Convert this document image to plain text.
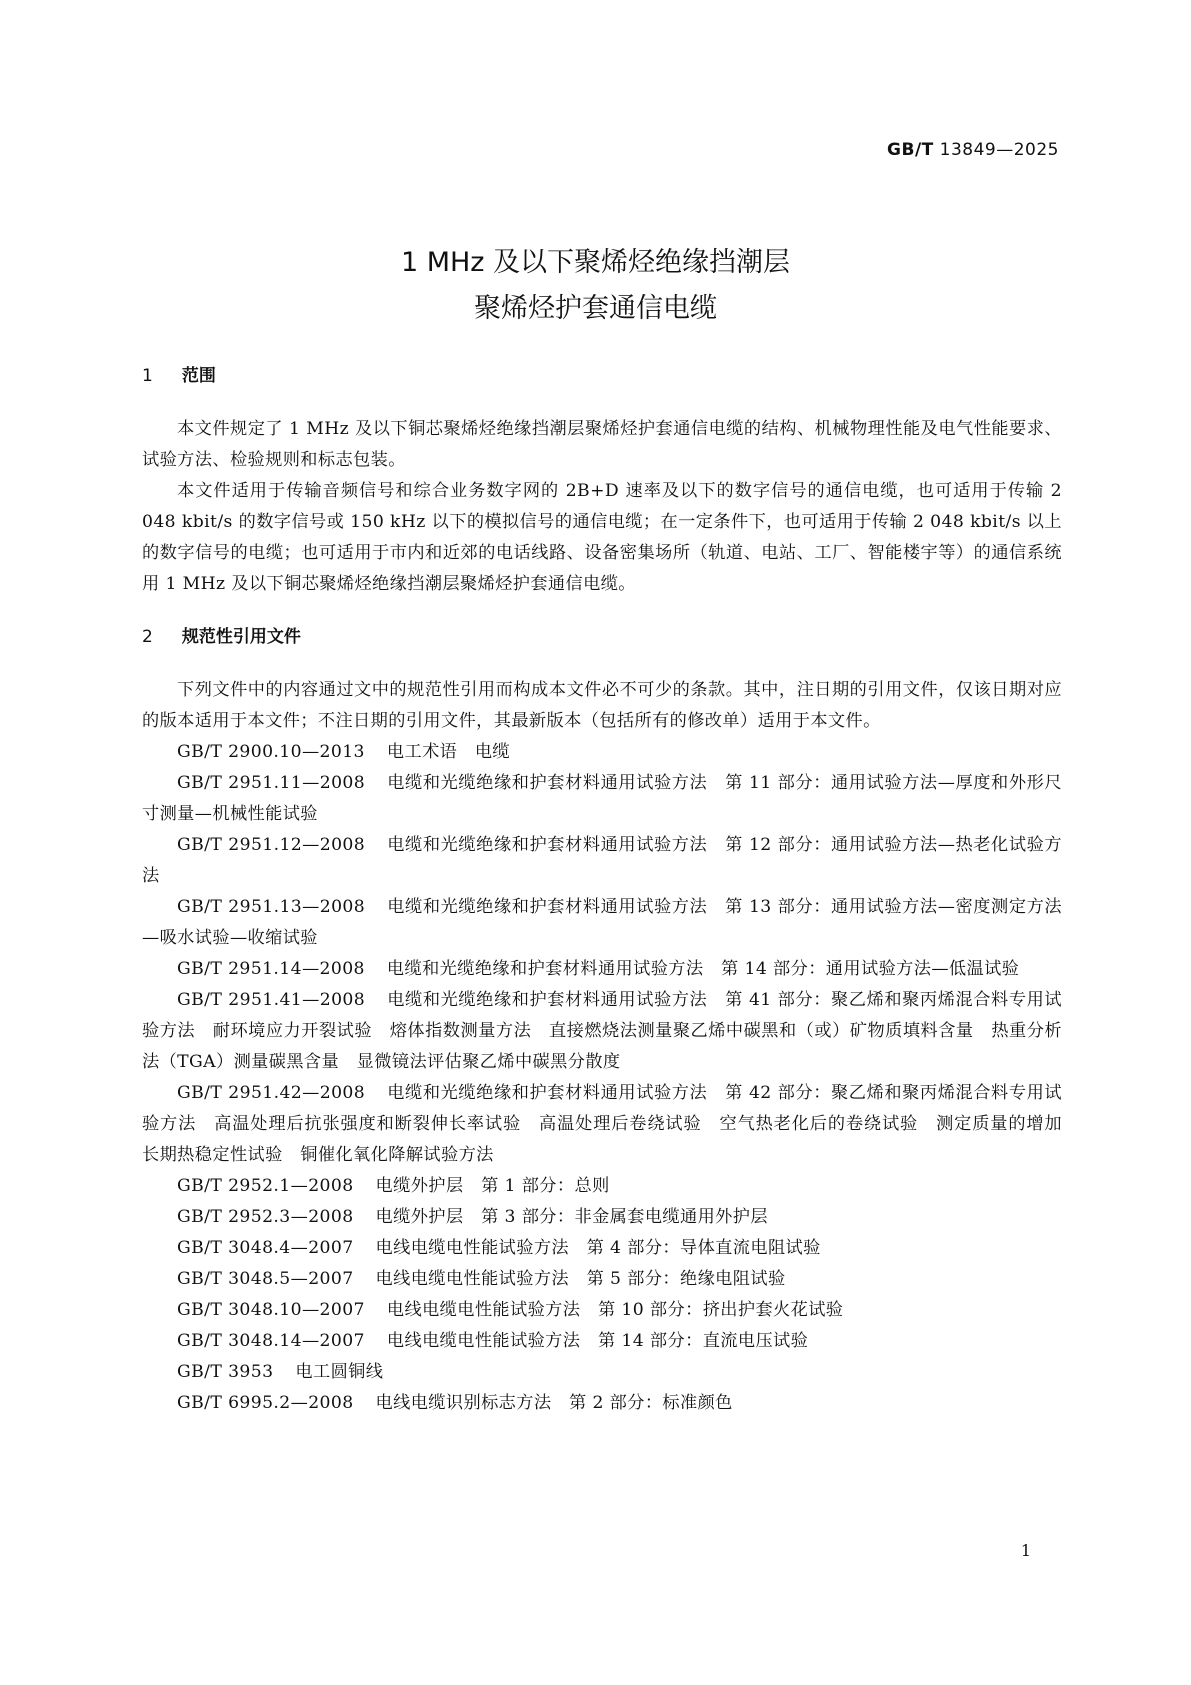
GB/T 13849—2025
1 MHz 及以下聚烯烃绝缘挡潮层
聚烯烃护套通信电缆
1 范围

本文件规定了 1 MHz 及以下铜芯聚烯烃绝缘挡潮层聚烯烃护套通信电缆的结构、机械物理性能及电气性能要求、试验方法、检验规则和标志包装。

本文件适用于传输音频信号和综合业务数字网的 2B+D 速率及以下的数字信号的通信电缆，也可适用于传输 2 048 kbit/s 的数字信号或 150 kHz 以下的模拟信号的通信电缆；在一定条件下，也可适用于传输 2 048 kbit/s 以上的数字信号的电缆；也可适用于市内和近郊的电话线路、设备密集场所（轨道、电站、工厂、智能楼宇等）的通信系统用 1 MHz 及以下铜芯聚烯烃绝缘挡潮层聚烯烃护套通信电缆。

2 规范性引用文件

下列文件中的内容通过文中的规范性引用而构成本文件必不可少的条款。其中，注日期的引用文件，仅该日期对应的版本适用于本文件；不注日期的引用文件，其最新版本（包括所有的修改单）适用于本文件。

GB/T 2900.10—2013 电工术语　电缆

GB/T 2951.11—2008 电缆和光缆绝缘和护套材料通用试验方法　第 11 部分：通用试验方法—厚度和外形尺寸测量—机械性能试验

GB/T 2951.12—2008 电缆和光缆绝缘和护套材料通用试验方法　第 12 部分：通用试验方法—热老化试验方法

GB/T 2951.13—2008 电缆和光缆绝缘和护套材料通用试验方法　第 13 部分：通用试验方法—密度测定方法—吸水试验—收缩试验

GB/T 2951.14—2008 电缆和光缆绝缘和护套材料通用试验方法　第 14 部分：通用试验方法—低温试验

GB/T 2951.41—2008 电缆和光缆绝缘和护套材料通用试验方法　第 41 部分：聚乙烯和聚丙烯混合料专用试验方法　耐环境应力开裂试验　熔体指数测量方法　直接燃烧法测量聚乙烯中碳黑和（或）矿物质填料含量　热重分析法（TGA）测量碳黑含量　显微镜法评估聚乙烯中碳黑分散度

GB/T 2951.42—2008 电缆和光缆绝缘和护套材料通用试验方法　第 42 部分：聚乙烯和聚丙烯混合料专用试验方法　高温处理后抗张强度和断裂伸长率试验　高温处理后卷绕试验　空气热老化后的卷绕试验　测定质量的增加　长期热稳定性试验　铜催化氧化降解试验方法

GB/T 2952.1—2008 电缆外护层　第 1 部分：总则

GB/T 2952.3—2008 电缆外护层　第 3 部分：非金属套电缆通用外护层

GB/T 3048.4—2007 电线电缆电性能试验方法　第 4 部分：导体直流电阻试验

GB/T 3048.5—2007 电线电缆电性能试验方法　第 5 部分：绝缘电阻试验

GB/T 3048.10—2007 电线电缆电性能试验方法　第 10 部分：挤出护套火花试验

GB/T 3048.14—2007 电线电缆电性能试验方法　第 14 部分：直流电压试验

GB/T 3953 电工圆铜线

GB/T 6995.2—2008 电线电缆识别标志方法　第 2 部分：标准颜色

1
